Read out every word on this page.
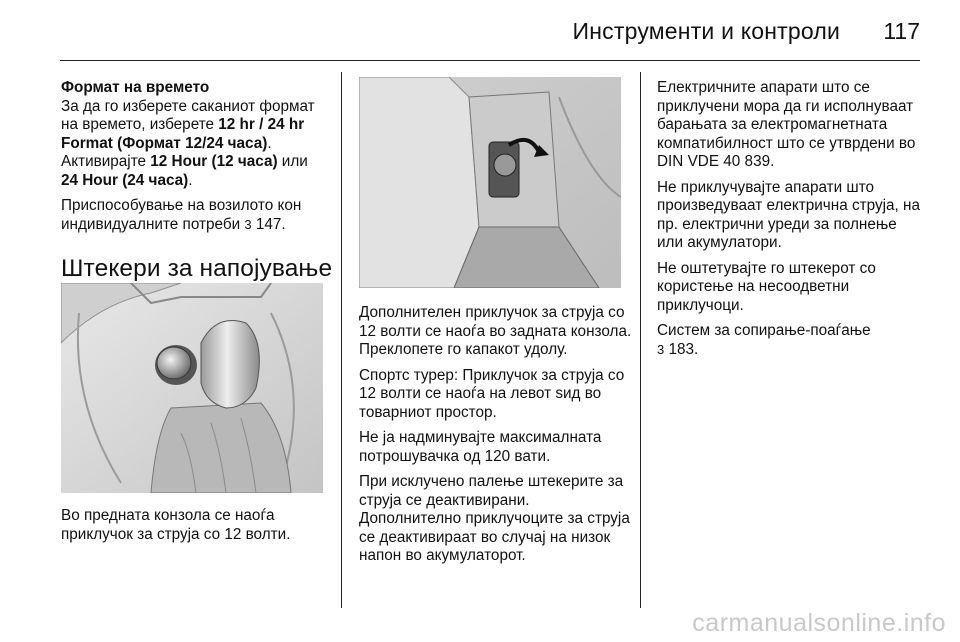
Инструменти и контроли 117

Формат на времето

За да го изберете саканиот формат на времето, изберете 12 hr / 24 hr Format (Формат 12/24 часа).

Активирајте 12 Hour (12 часа) или
24 Hour (24 часа).

Приспособување на возилото кон индивидуалните потреби 3 147.

Штекери за напојување

Во предната конзола се наоѓа приклучок за струја со 12 волти.

Дополнителен приклучок за струја со 12 волти се наоѓа во задната конзола. Преклопете го капакот удолу.

Спортс турер: Приклучок за струја со 12 волти се наоѓа на левот ѕид во товарниот простор.

Не ја надминувајте максималната потрошувачка од 120 вати.

При исклучено палење штекерите за струја се деактивирани. Дополнително приклучоците за струја се деактивираат во случај на низок напон во акумулаторот.

Електричните апарати што се приклучени мора да ги исполнуваат барањата за електромагнетната компатибилност што се утврдени во DIN VDE 40 839.

Не приклучувајте апарати што произведуваат електрична струја, на пр. електрични уреди за полнење или акумулатори.

Не оштетувајте го штекерот со користење на несоодветни приклучоци.

Систем за сопирање-поаѓање
3 183.

carmanualsonline.info
